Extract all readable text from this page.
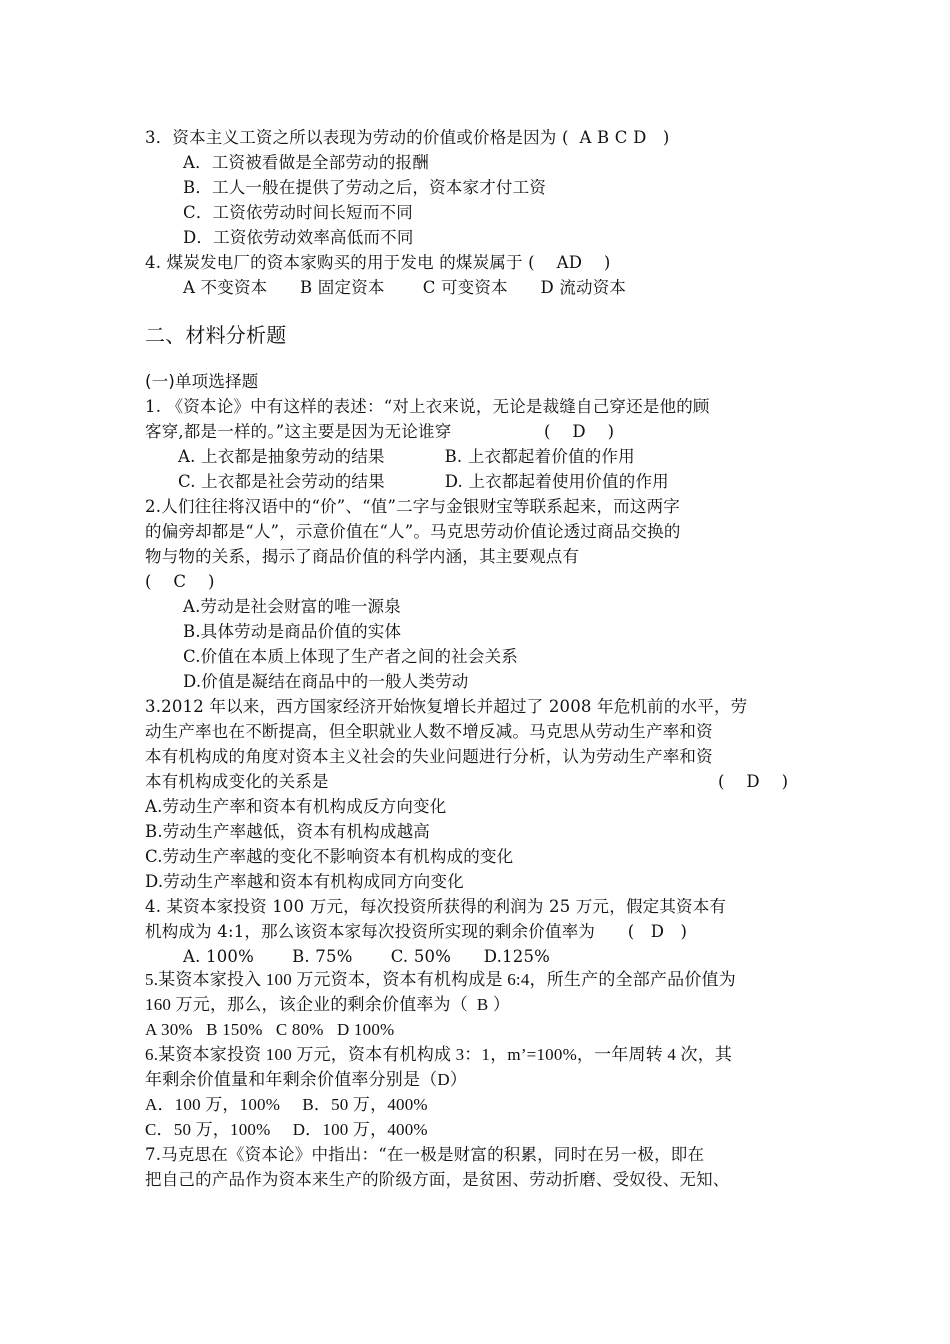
3．资本主义工资之所以表现为劳动的价值或价格是因为 (  A B C D   )
A．工资被看做是全部劳动的报酬
B．工人一般在提供了劳动之后，资本家才付工资
C．工资依劳动时间长短而不同
D．工资依劳动效率高低而不同
4. 煤炭发电厂的资本家购买的用于发电 的煤炭属于 (    AD    )
A 不变资本      B 固定资本       C 可变资本      D 流动资本
二、材料分析题
(一)单项选择题
1. 《资本论》中有这样的表述：“对上衣来说，无论是裁缝自己穿还是他的顾
客穿,都是一样的。”这主要是因为无论谁穿                 (    D    )
A. 上衣都是抽象劳动的结果           B. 上衣都起着价值的作用
C. 上衣都是社会劳动的结果           D. 上衣都起着使用价值的作用
2.人们往往将汉语中的“价”、“值”二字与金银财宝等联系起来，而这两字
的偏旁却都是“人”，示意价值在“人”。马克思劳动价值论透过商品交换的
物与物的关系，揭示了商品价值的科学内涵，其主要观点有
(    C    )
A.劳动是社会财富的唯一源泉
B.具体劳动是商品价值的实体
C.价值在本质上体现了生产者之间的社会关系
D.价值是凝结在商品中的一般人类劳动
3.2012 年以来，西方国家经济开始恢复增长并超过了 2008 年危机前的水平，劳
动生产率也在不断提高，但全职就业人数不增反减。马克思从劳动生产率和资
本有机构成的角度对资本主义社会的失业问题进行分析，认为劳动生产率和资
本有机构成变化的关系是	(    D    )
A.劳动生产率和资本有机构成反方向变化
B.劳动生产率越低，资本有机构成越高
C.劳动生产率越的变化不影响资本有机构成的变化
D.劳动生产率越和资本有机构成同方向变化
4. 某资本家投资 100 万元，每次投资所获得的利润为 25 万元，假定其资本有
机构成为 4:1，那么该资本家每次投资所实现的剩余价值率为      (   D   )
A. 100%       B. 75%       C. 50%      D.125%
5.某资本家投入 100 万元资本，资本有机构成是 6:4，所生产的全部产品价值为
160 万元，那么，该企业的剩余价值率为（  B ）
A 30%   B 150%   C 80%   D 100%
6.某资本家投资 100 万元，资本有机构成 3：1，m’=100%，一年周转 4 次，其
年剩余价值量和年剩余价值率分别是（D）
A．100 万，100%     B．50 万，400%
C．50 万，100%     D．100 万，400%
7.马克思在《资本论》中指出：“在一极是财富的积累，同时在另一极，即在
把自己的产品作为资本来生产的阶级方面，是贫困、劳动折磨、受奴役、无知、
